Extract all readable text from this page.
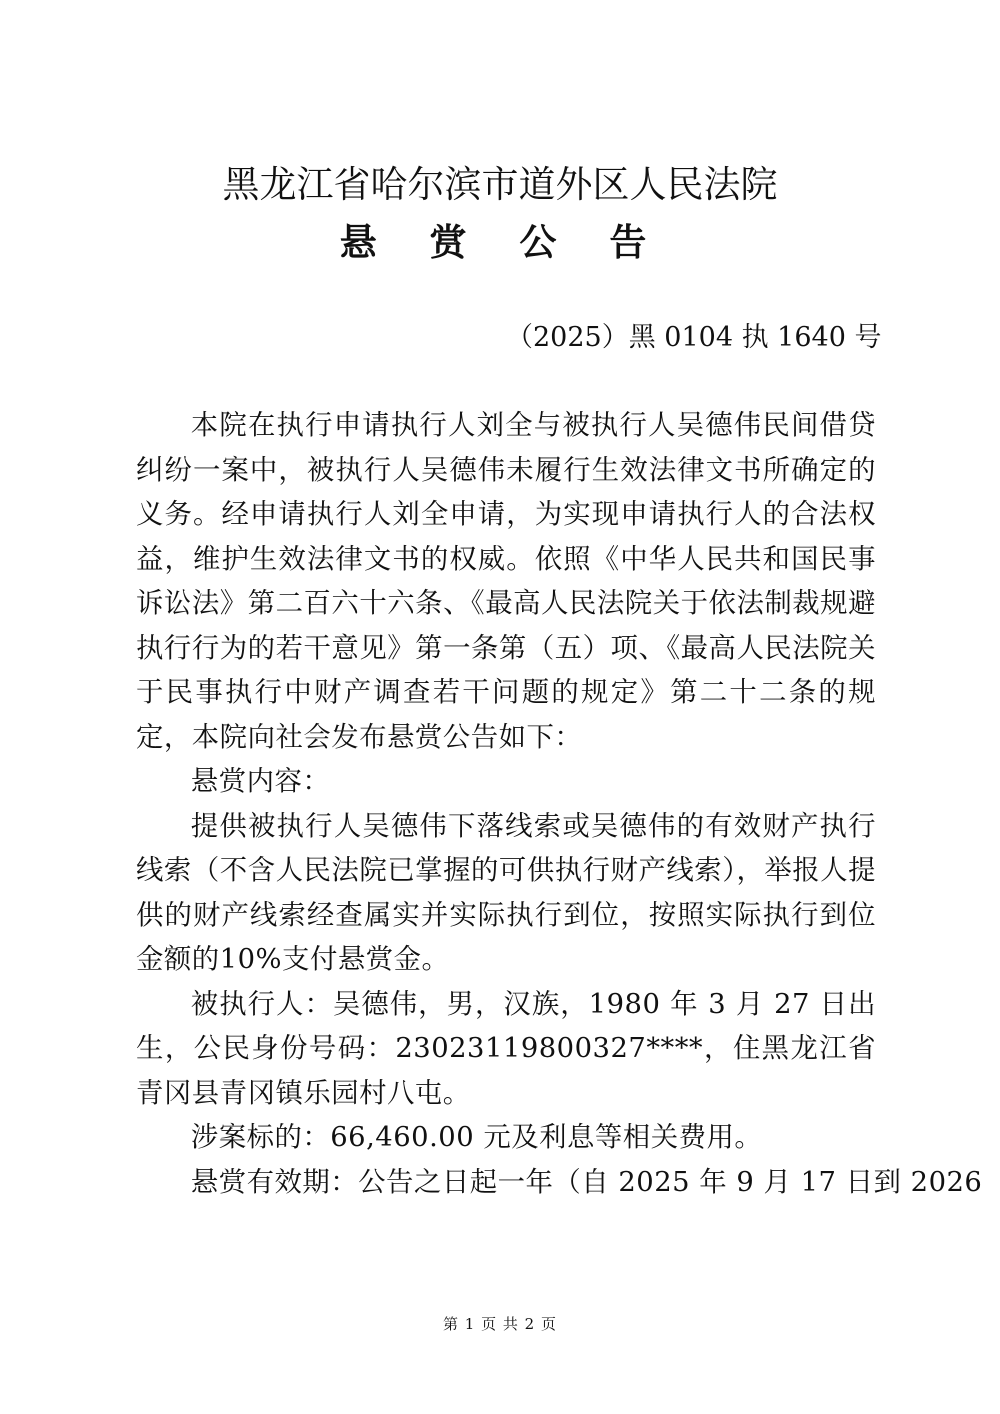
黑龙江省哈尔滨市道外区人民法院
悬 赏 公 告
（2025）黑 0104 执 1640 号

本院在执行申请执行人刘全与被执行人吴德伟民间借贷纠纷一案中，被执行人吴德伟未履行生效法律文书所确定的义务。经申请执行人刘全申请，为实现申请执行人的合法权益，维护生效法律文书的权威。依照《中华人民共和国民事诉讼法》第二百六十六条、《最高人民法院关于依法制裁规避执行行为的若干意见》第一条第（五）项、《最高人民法院关于民事执行中财产调查若干问题的规定》第二十二条的规定，本院向社会发布悬赏公告如下：

悬赏内容：

提供被执行人吴德伟下落线索或吴德伟的有效财产执行线索（不含人民法院已掌握的可供执行财产线索），举报人提供的财产线索经查属实并实际执行到位，按照实际执行到位金额的10%支付悬赏金。

被执行人：吴德伟，男，汉族，1980 年 3 月 27 日出生，公民身份号码：23023119800327****，住黑龙江省青冈县青冈镇乐园村八屯。

涉案标的：66,460.00 元及利息等相关费用。

悬赏有效期：公告之日起一年（自 2025 年 9 月 17 日到 2026

第 1 页 共 2 页
